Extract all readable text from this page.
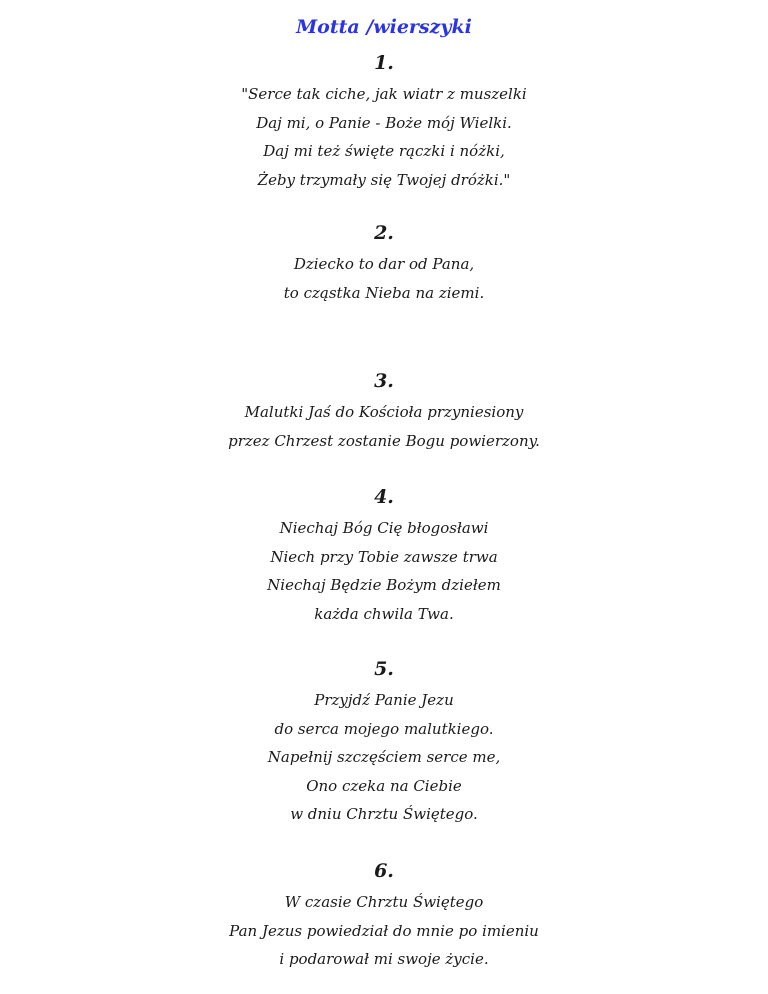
Motta /wierszyki
1.
"Serce tak ciche, jak wiatr z muszelki
Daj mi, o Panie - Boże mój Wielki.
Daj mi też święte rączki i nóżki,
Żeby trzymały się Twojej dróżki."
2.
Dziecko to dar od Pana,
to cząstka Nieba na ziemi.
3.
Malutki Jaś do Kościoła przyniesiony
przez Chrzest zostanie Bogu powierzony.
4.
Niechaj Bóg Cię błogosławi
Niech przy Tobie zawsze trwa
Niechaj Będzie Bożym dziełem
każda chwila Twa.
5.
Przyjdź Panie Jezu
do serca mojego malutkiego.
Napełnij szczęściem serce me,
Ono czeka na Ciebie
w dniu Chrztu Świętego.
6.
W czasie Chrztu Świętego
Pan Jezus powiedział do mnie po imieniu
i podarował mi swoje życie.
